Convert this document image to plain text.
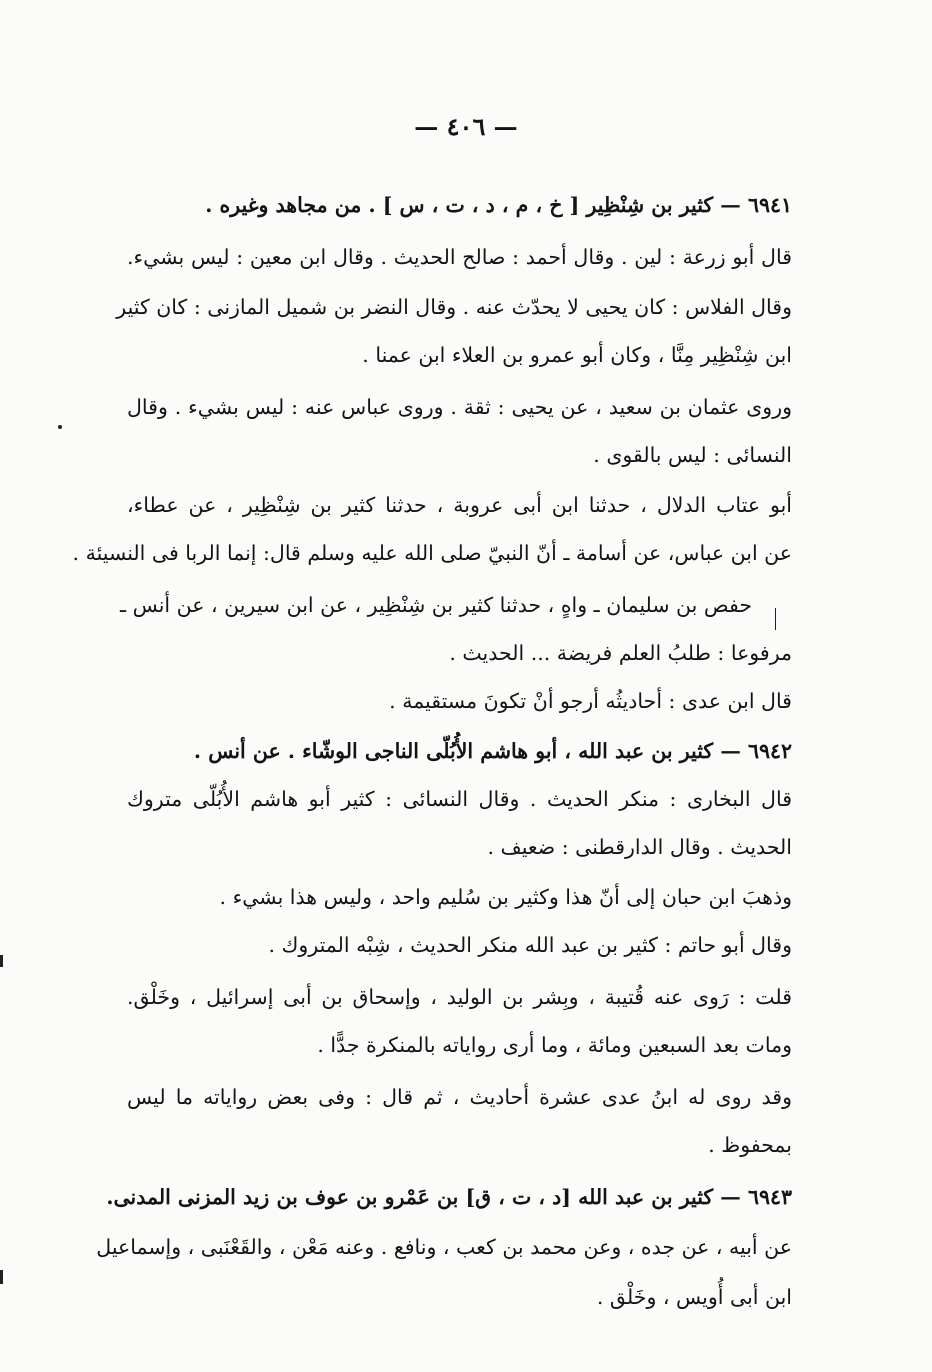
— ٤٠٦ —
٦٩٤١ — كثير بن شِنْظِير [ خ ، م ، د ، ت ، س ] . من مجاهد وغيره .
قال أبو زرعة : لين . وقال أحمد : صالح الحديث . وقال ابن معين : ليس بشيء.
وقال الفلاس : كان يحيى لا يحدّث عنه . وقال النضر بن شميل المازنى : كان كثير
ابن شِنْظِير مِنَّا ، وكان أبو عمرو بن العلاء ابن عمنا .
وروى عثمان بن سعيد ، عن يحيى : ثقة . وروى عباس عنه : ليس بشيء . وقال
النسائى : ليس بالقوى .
أبو عتاب الدلال ، حدثنا ابن أبى عروبة ، حدثنا كثير بن شِنْظِير ، عن عطاء،
عن ابن عباس، عن أسامة ـ أنّ النبيّ صلى الله عليه وسلم قال: إنما الربا فى النسيئة .
حفص بن سليمان ـ واهٍ ، حدثنا كثير بن شِنْظِير ، عن ابن سيرين ، عن أنس ـ
مرفوعا : طلبُ العلم فريضة ... الحديث .
قال ابن عدى : أحاديثُه أرجو أنْ تكونَ مستقيمة .
٦٩٤٢ — كثير بن عبد الله ، أبو هاشم الأُبُلّى الناجى الوشّاء . عن أنس .
قال البخارى : منكر الحديث . وقال النسائى : كثير أبو هاشم الأُبُلّى متروك
الحديث . وقال الدارقطنى : ضعيف .
وذهبَ ابن حبان إلى أنّ هذا وكثير بن سُليم واحد ، وليس هذا بشيء .
وقال أبو حاتم : كثير بن عبد الله منكر الحديث ، شِبْه المتروك .
قلت : رَوى عنه قُتيبة ، وبِشر بن الوليد ، وإسحاق بن أبى إسرائيل ، وخَلْق.
ومات بعد السبعين ومائة ، وما أرى رواياته بالمنكرة جدًّا .
وقد روى له ابنُ عدى عشرة أحاديث ، ثم قال : وفى بعض رواياته ما ليس
بمحفوظ .
٦٩٤٣ — كثير بن عبد الله [د ، ت ، ق] بن عَمْرو بن عوف بن زيد المزنى المدنى.
عن أبيه ، عن جده ، وعن محمد بن كعب ، ونافع . وعنه مَعْن ، والقَعْنَبى ، وإسماعيل
ابن أبى أُويس ، وخَلْق .
